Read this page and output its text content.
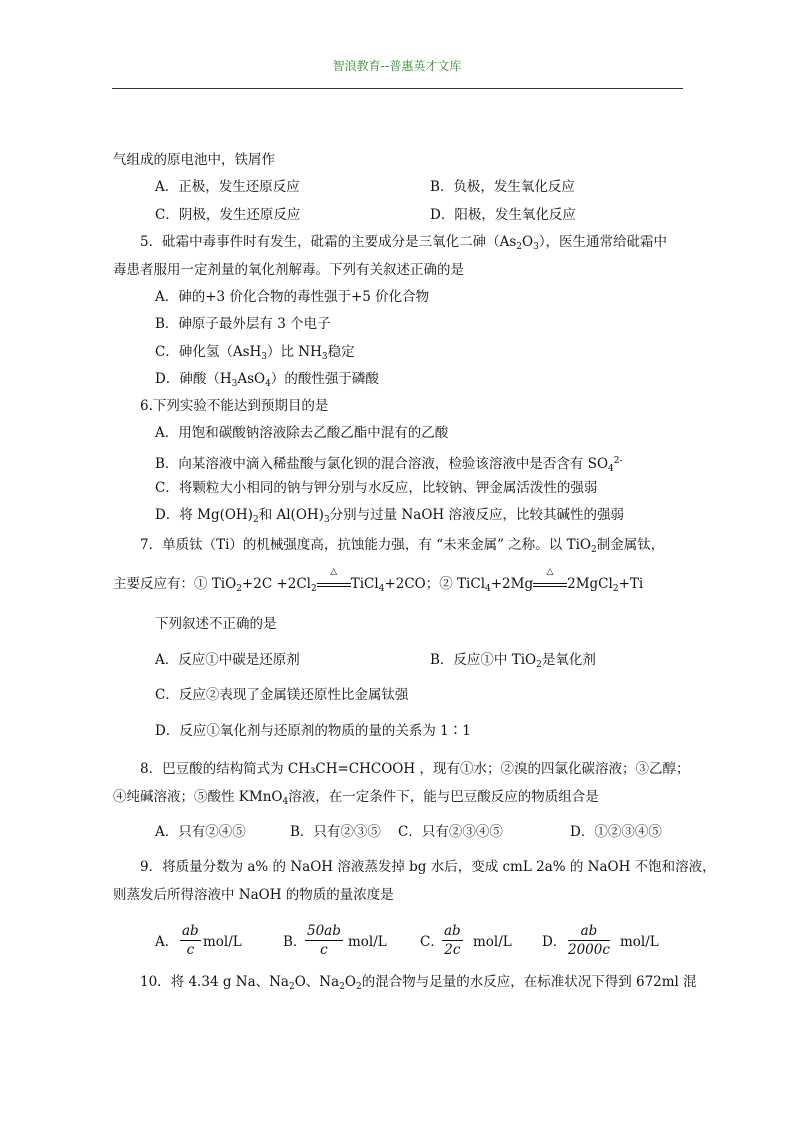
智浪教育--普惠英才文库
气组成的原电池中，铁屑作
A．正极，发生还原反应	B．负极，发生氧化反应
C．阴极，发生还原反应	D．阳极，发生氧化反应
5．砒霜中毒事件时有发生，砒霜的主要成分是三氧化二砷$(As_2O_3)$，医生通常给砒霜中
毒患者服用一定剂量的氧化剂解毒。下列有关叙述正确的是
A．砷的+3 价化合物的毒性强于+5 价化合物
B．砷原子最外层有 3 个电子
C．砷化氢（AsH$_3$）比 $NH_3$稳定
D．砷酸$(H_3AsO_4)$的酸性强于磷酸
6.下列实验不能达到预期目的是
A．用饱和碳酸钠溶液除去乙酸乙酯中混有的乙酸
B．向某溶液中滴入稀盐酸与氯化钡的混合溶液，检验该溶液中是否含有 $SO_4^{2-}$
C．将颗粒大小相同的钠与钾分别与水反应，比较钠、钾金属活泼性的强弱
D．将 $Mg(OH)_2$和 $Al(OH)_3$分别与过量 NaOH 溶液反应，比较其碱性的强弱
7．单质钛（Ti）的机械强度高，抗蚀能力强，有 “未来金属” 之称。以 TiO$_2$制金属钛，
主要反应有：① $TiO_2+2C +2Cl_2$
△
TiCl$_4$+2CO；② TiCl$_4$+2Mg
△
2MgCl$_2$+Ti
下列叙述不正确的是
A．反应①中碳是还原剂	B．反应①中 TiO$_2$是氧化剂
C．反应②表现了金属镁还原性比金属钛强
D．反应①氧化剂与还原剂的物质的量的关系为 1∶1
8．巴豆酸的结构简式为 CH₃CH=CHCOOH ，现有①水；②溴的四氯化碳溶液；③乙醇；
④纯碱溶液；⑤酸性 KMnO$_4$溶液，在一定条件下，能与巴豆酸反应的物质组合是
A．只有②④⑤	B．只有②③⑤ C．只有②③④⑤	D．①②③④⑤
9．将质量分数为 a% 的 NaOH 溶液蒸发掉 bg 水后，变成 cmL 2a% 的 NaOH 不饱和溶液，
则蒸发后所得溶液中 NaOH 的物质的量浓度是
A． $\frac{ab}{c} mol/L$	B．
$\frac{50ab}{c} mol/L$ C．
$\frac{ab}{2c} mol/L$ D． $\frac{ab}{2000c} mol/L$
10．将 4.34 g Na、$Na_2O$、$Na_2O_2$的混合物与足量的水反应，在标准状况下得到 672ml 混
